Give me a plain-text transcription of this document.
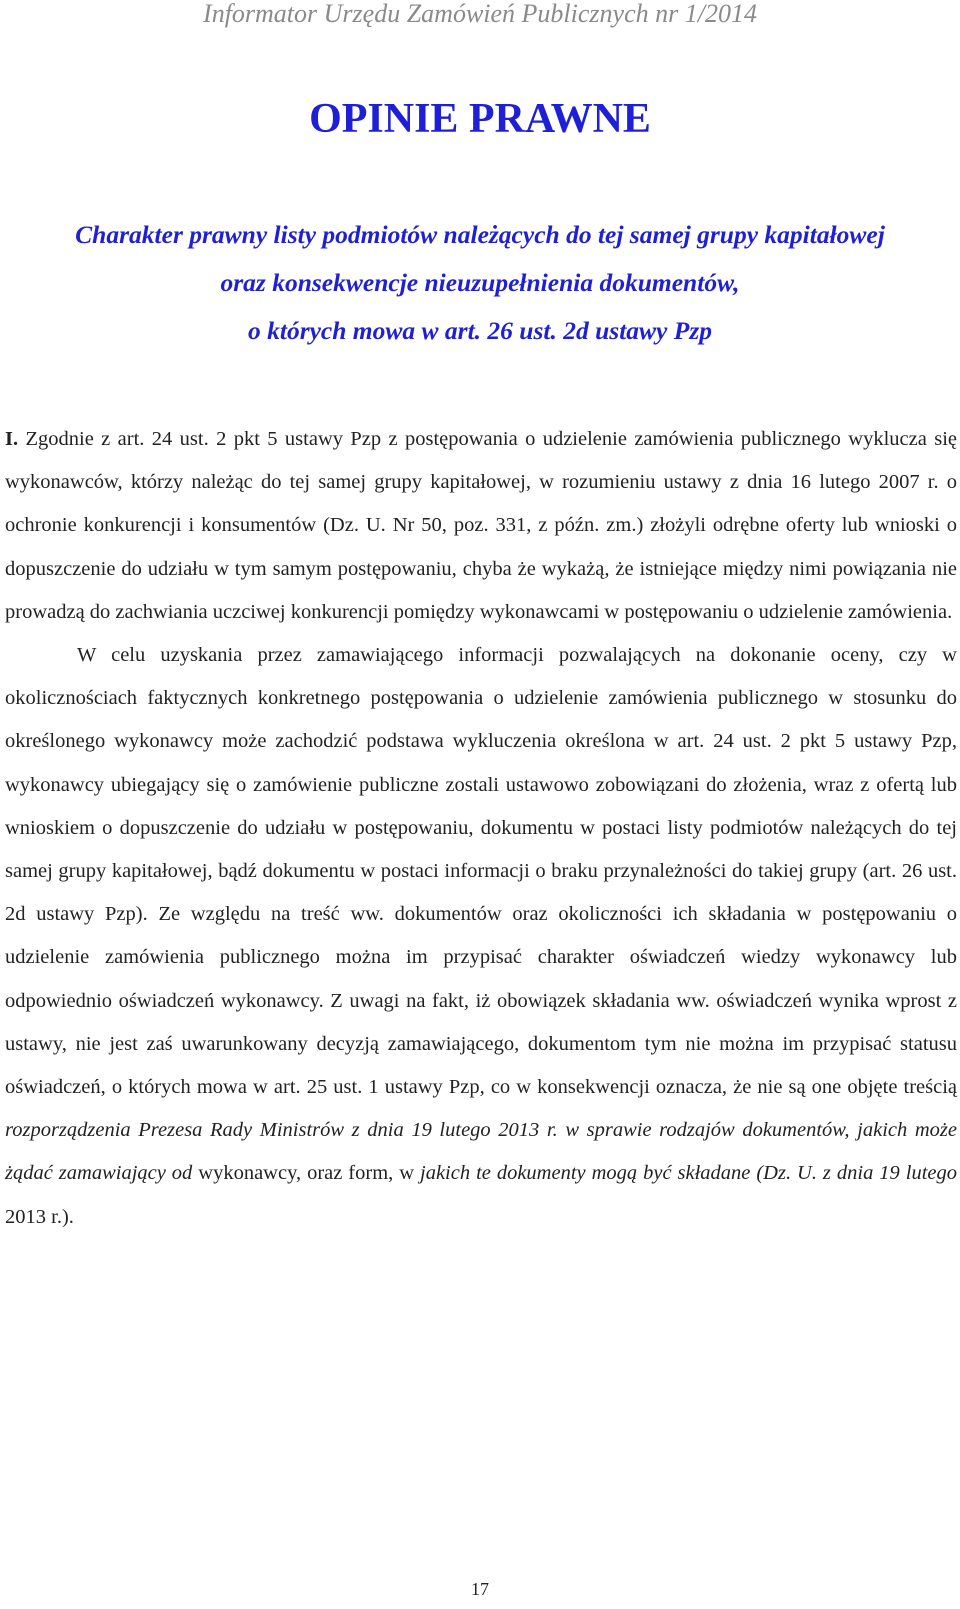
Informator Urzędu Zamówień Publicznych nr 1/2014
OPINIE PRAWNE
Charakter prawny listy podmiotów należących do tej samej grupy kapitałowej
oraz konsekwencje nieuzupełnienia dokumentów,
o których mowa w art. 26 ust. 2d ustawy Pzp

I. Zgodnie z art. 24 ust. 2 pkt 5 ustawy Pzp z postępowania o udzielenie zamówienia publicznego wyklucza się wykonawców, którzy należąc do tej samej grupy kapitałowej, w rozumieniu ustawy z dnia 16 lutego 2007 r. o ochronie konkurencji i konsumentów (Dz. U. Nr 50, poz. 331, z późn. zm.) złożyli odrębne oferty lub wnioski o dopuszczenie do udziału w tym samym postępowaniu, chyba że wykażą, że istniejące między nimi powiązania nie prowadzą do zachwiania uczciwej konkurencji pomiędzy wykonawcami w postępowaniu o udzielenie zamówienia.

W celu uzyskania przez zamawiającego informacji pozwalających na dokonanie oceny, czy w okolicznościach faktycznych konkretnego postępowania o udzielenie zamówienia publicznego w stosunku do określonego wykonawcy może zachodzić podstawa wykluczenia określona w art. 24 ust. 2 pkt 5 ustawy Pzp, wykonawcy ubiegający się o zamówienie publiczne zostali ustawowo zobowiązani do złożenia, wraz z ofertą lub wnioskiem o dopuszczenie do udziału w postępowaniu, dokumentu w postaci listy podmiotów należących do tej samej grupy kapitałowej, bądź dokumentu w postaci informacji o braku przynależności do takiej grupy (art. 26 ust. 2d ustawy Pzp). Ze względu na treść ww. dokumentów oraz okoliczności ich składania w postępowaniu o udzielenie zamówienia publicznego można im przypisać charakter oświadczeń wiedzy wykonawcy lub odpowiednio oświadczeń wykonawcy. Z uwagi na fakt, iż obowiązek składania ww. oświadczeń wynika wprost z ustawy, nie jest zaś uwarunkowany decyzją zamawiającego, dokumentom tym nie można im przypisać statusu oświadczeń, o których mowa w art. 25 ust. 1 ustawy Pzp, co w konsekwencji oznacza, że nie są one objęte treścią rozporządzenia Prezesa Rady Ministrów z dnia 19 lutego 2013 r. w sprawie rodzajów dokumentów, jakich może żądać zamawiający od wykonawcy, oraz form, w jakich te dokumenty mogą być składane (Dz. U. z dnia 19 lutego 2013 r.).

17
